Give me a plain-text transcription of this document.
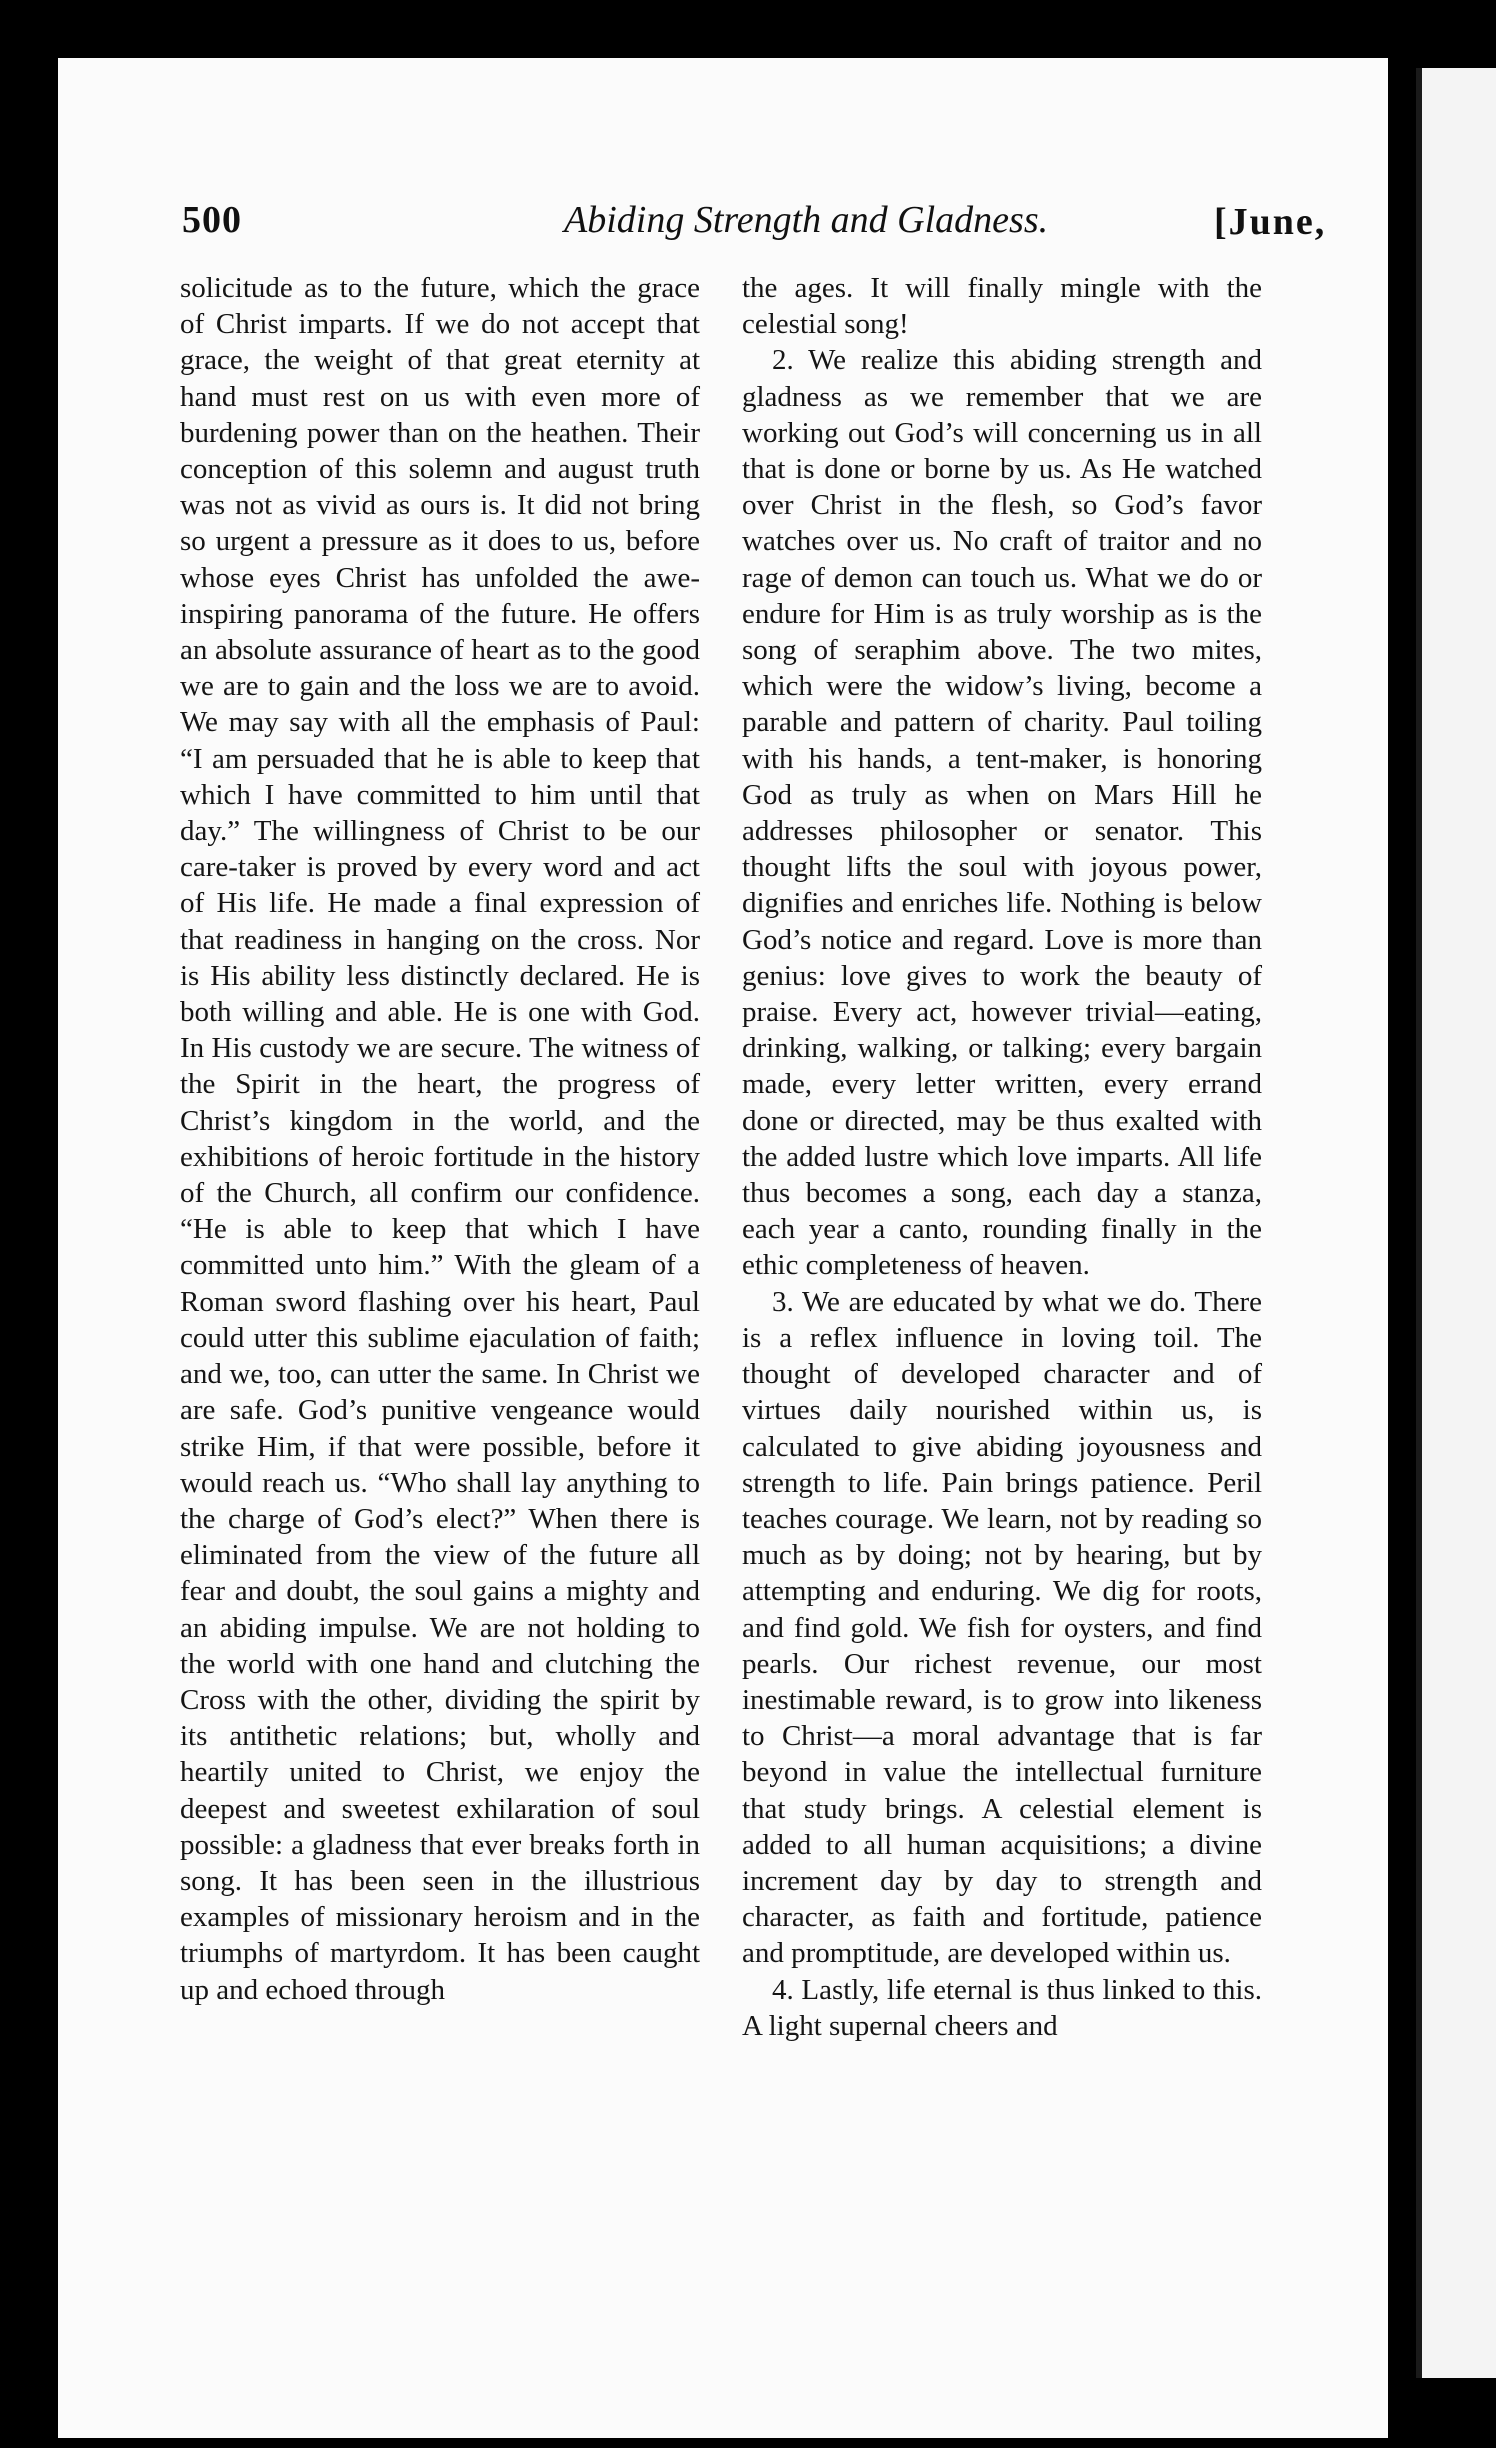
500	Abiding Strength and Gladness.	[June,

solicitude as to the future, which the grace of Christ imparts. If we do not accept that grace, the weight of that great eternity at hand must rest on us with even more of burdening power than on the heathen. Their conception of this solemn and august truth was not as vivid as ours is. It did not bring so urgent a pressure as it does to us, before whose eyes Christ has unfolded the awe-inspiring panorama of the future. He offers an absolute assurance of heart as to the good we are to gain and the loss we are to avoid. We may say with all the emphasis of Paul: “I am persuaded that he is able to keep that which I have committed to him until that day.” The willingness of Christ to be our care-taker is proved by every word and act of His life. He made a final expression of that readiness in hanging on the cross. Nor is His ability less distinctly declared. He is both willing and able. He is one with God. In His custody we are secure. The witness of the Spirit in the heart, the progress of Christ’s kingdom in the world, and the exhibitions of heroic fortitude in the history of the Church, all confirm our confidence. “He is able to keep that which I have committed unto him.” With the gleam of a Roman sword flashing over his heart, Paul could utter this sublime ejaculation of faith; and we, too, can utter the same. In Christ we are safe. God’s punitive vengeance would strike Him, if that were possible, before it would reach us. “Who shall lay anything to the charge of God’s elect?” When there is eliminated from the view of the future all fear and doubt, the soul gains a mighty and an abiding impulse. We are not holding to the world with one hand and clutching the Cross with the other, dividing the spirit by its antithetic relations; but, wholly and heartily united to Christ, we enjoy the deepest and sweetest exhilaration of soul possible: a gladness that ever breaks forth in song. It has been seen in the illustrious examples of missionary heroism and in the triumphs of martyrdom. It has been caught up and echoed through

the ages. It will finally mingle with the celestial song!

2. We realize this abiding strength and gladness as we remember that we are working out God’s will concerning us in all that is done or borne by us. As He watched over Christ in the flesh, so God’s favor watches over us. No craft of traitor and no rage of demon can touch us. What we do or endure for Him is as truly worship as is the song of seraphim above. The two mites, which were the widow’s living, become a parable and pattern of charity. Paul toiling with his hands, a tent-maker, is honoring God as truly as when on Mars Hill he addresses philosopher or senator. This thought lifts the soul with joyous power, dignifies and enriches life. Nothing is below God’s notice and regard. Love is more than genius: love gives to work the beauty of praise. Every act, however trivial—eating, drinking, walking, or talking; every bargain made, every letter written, every errand done or directed, may be thus exalted with the added lustre which love imparts. All life thus becomes a song, each day a stanza, each year a canto, rounding finally in the ethic completeness of heaven.

3. We are educated by what we do. There is a reflex influence in loving toil. The thought of developed character and of virtues daily nourished within us, is calculated to give abiding joyousness and strength to life. Pain brings patience. Peril teaches courage. We learn, not by reading so much as by doing; not by hearing, but by attempting and enduring. We dig for roots, and find gold. We fish for oysters, and find pearls. Our richest revenue, our most inestimable reward, is to grow into likeness to Christ—a moral advantage that is far beyond in value the intellectual furniture that study brings. A celestial element is added to all human acquisitions; a divine increment day by day to strength and character, as faith and fortitude, patience and promptitude, are developed within us.

4. Lastly, life eternal is thus linked to this. A light supernal cheers and
